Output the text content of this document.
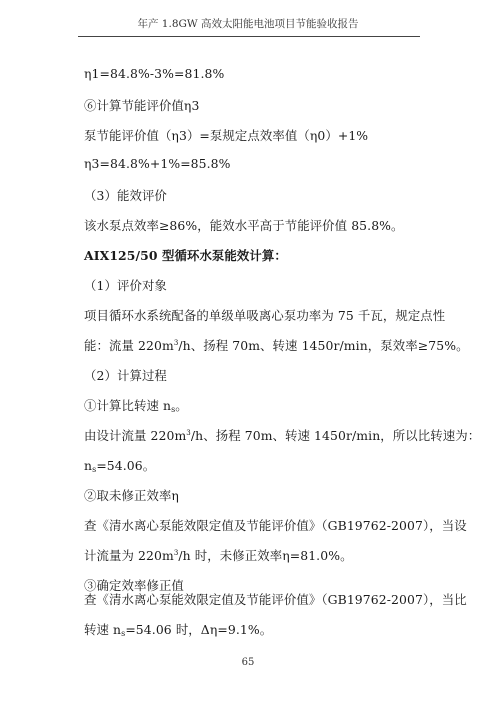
年产 1.8GW 高效太阳能电池项目节能验收报告
η1=84.8%-3%=81.8%
⑥计算节能评价值η3
泵节能评价值（η3）=泵规定点效率值（η0）+1%
η3=84.8%+1%=85.8%
（3）能效评价
该水泵点效率≥86%，能效水平高于节能评价值 85.8%。
AIX125/50 型循环水泵能效计算：
（1）评价对象
项目循环水系统配备的单级单吸离心泵功率为 75 千瓦，规定点性
能：流量 $220m^3/h$、扬程 70m、转速 1450r/min，泵效率≥75%。
（2）计算过程
①计算比转速 $n_s$。
由设计流量 $220m^3/h$、扬程 70m、转速 1450r/min，所以比转速为：
$n_s=54.06$。
②取未修正效率η
查《清水离心泵能效限定值及节能评价值》（GB19762-2007），当设
计流量为 $220m^3/h$ 时，未修正效率η=81.0%。
③确定效率修正值
查《清水离心泵能效限定值及节能评价值》（GB19762-2007），当比
转速 $n_s=54.06$ 时，Δη=9.1%。
65
